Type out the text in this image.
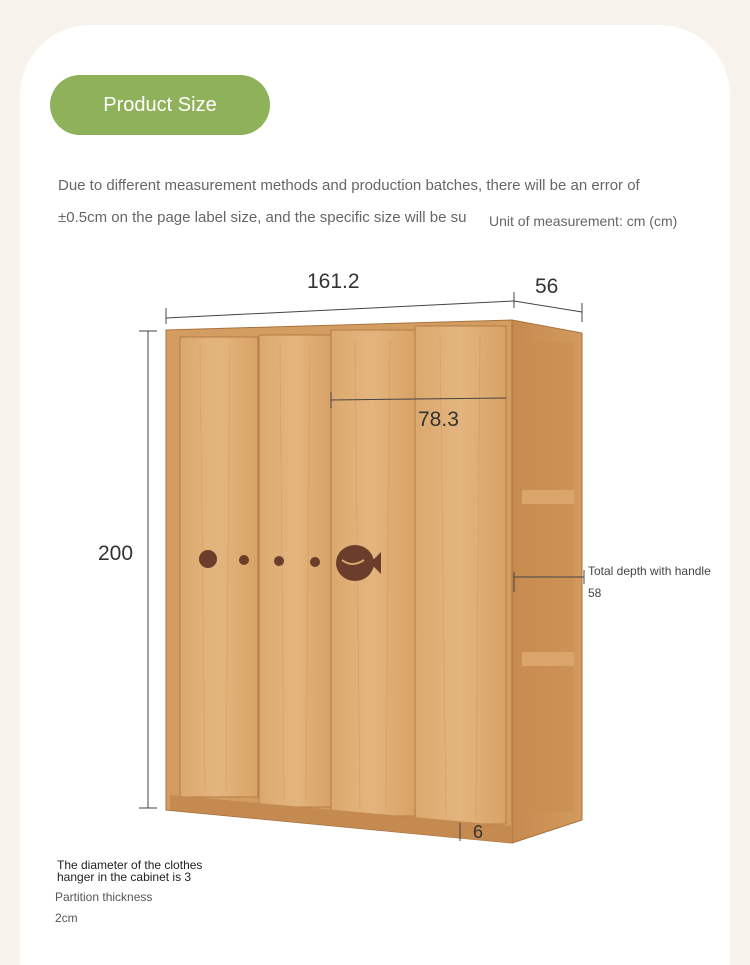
Product Size
Due to different measurement methods and production batches, there will be an error of
±0.5cm on the page label size, and the specific size will be su Unit of measurement: cm (cm)
161.2	56
200
78.3
6
Total depth with handle
58
The diameter of the clothes
hanger in the cabinet is 3
Partition thickness
2cm
